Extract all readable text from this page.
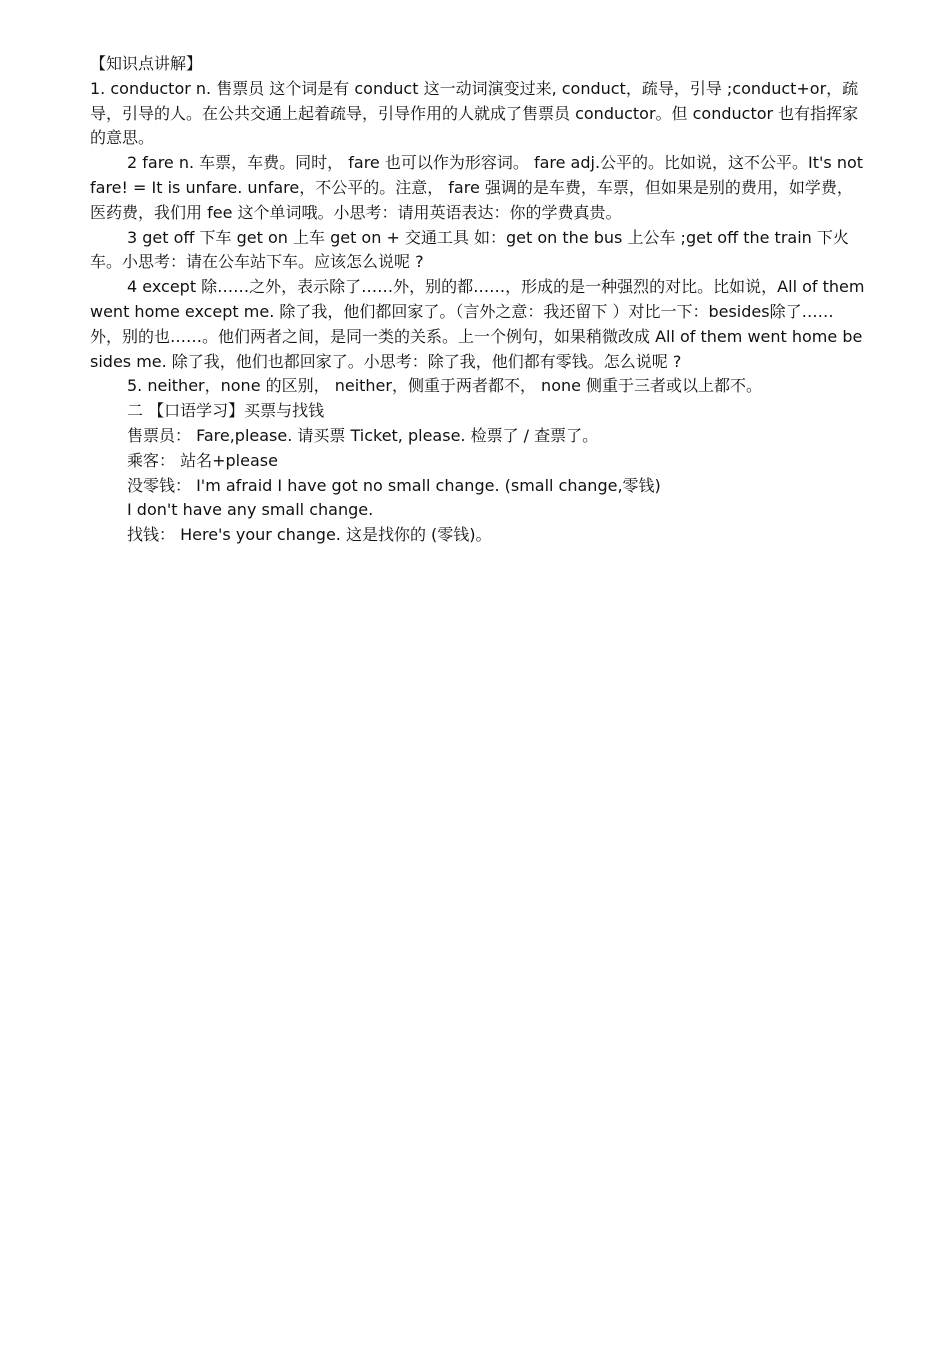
【知识点讲解】

1. conductor n. 售票员 这个词是有 conduct 这一动词演变过来, conduct，疏导，引导 ;conduct+or，疏导，引导的人。在公共交通上起着疏导，引导作用的人就成了售票员 conductor。但 conductor 也有指挥家的意思。

2 fare n. 车票，车费。同时， fare 也可以作为形容词。 fare adj.公平的。比如说，这不公平。It's not fare! = It is unfare. unfare，不公平的。注意， fare 强调的是车费，车票，但如果是别的费用，如学费，医药费，我们用 fee 这个单词哦。小思考：请用英语表达：你的学费真贵。

3 get off 下车 get on 上车 get on + 交通工具 如：get on the bus 上公车 ;get off the train 下火车。小思考：请在公车站下车。应该怎么说呢 ?

4 except 除……之外，表示除了……外，别的都……，形成的是一种强烈的对比。比如说，All of them went home except me. 除了我，他们都回家了。（言外之意：我还留下 ）对比一下：besides除了……外，别的也……。他们两者之间，是同一类的关系。上一个例句，如果稍微改成 All of them went home besides me. 除了我，他们也都回家了。小思考：除了我，他们都有零钱。怎么说呢 ?

5. neither，none 的区别， neither，侧重于两者都不， none 侧重于三者或以上都不。

二 【口语学习】买票与找钱
售票员： Fare,please. 请买票 Ticket, please. 检票了 / 查票了。
乘客： 站名+please
没零钱： I'm afraid I have got no small change. (small change,零钱)
I don't have any small change.
找钱： Here's your change. 这是找你的 (零钱)。
